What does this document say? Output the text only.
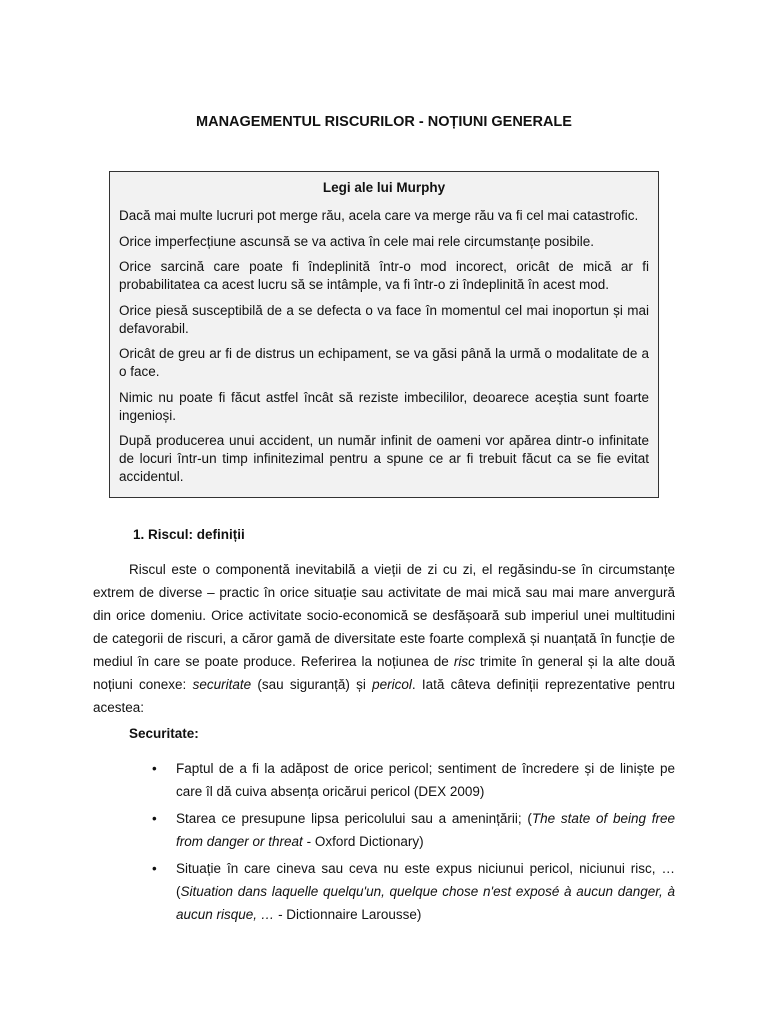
MANAGEMENTUL RISCURILOR - NOȚIUNI GENERALE

Legi ale lui Murphy

Dacă mai multe lucruri pot merge rău, acela care va merge rău va fi cel mai catastrofic.

Orice imperfecțiune ascunsă se va activa în cele mai rele circumstanțe posibile.

Orice sarcină care poate fi îndeplinită într-o mod incorect, oricât de mică ar fi probabilitatea ca acest lucru să se intâmple, va fi într-o zi îndeplinită în acest mod.

Orice piesă susceptibilă de a se defecta o va face în momentul cel mai inoportun și mai defavorabil.

Oricât de greu ar fi de distrus un echipament, se va găsi până la urmă o modalitate de a o face.

Nimic nu poate fi făcut astfel încât să reziste imbecililor, deoarece aceștia sunt foarte ingenioși.

După producerea unui accident, un număr infinit de oameni vor apărea dintr-o infinitate de locuri într-un timp infinitezimal pentru a spune ce ar fi trebuit făcut ca se fie evitat accidentul.

1. Riscul: definiții

Riscul este o componentă inevitabilă a vieții de zi cu zi, el regăsindu-se în circumstanțe extrem de diverse – practic în orice situație sau activitate de mai mică sau mai mare anvergură din orice domeniu. Orice activitate socio-economică se desfășoară sub imperiul unei multitudini de categorii de riscuri, a căror gamă de diversitate este foarte complexă și nuanțată în funcție de mediul în care se poate produce. Referirea la noțiunea de risc trimite în general și la alte două noțiuni conexe: securitate (sau siguranță) și pericol. Iată câteva definiții reprezentative pentru acestea:

Securitate:

• Faptul de a fi la adăpost de orice pericol; sentiment de încredere și de liniște pe care îl dă cuiva absența oricărui pericol (DEX 2009)
• Starea ce presupune lipsa pericolului sau a amenințării; (The state of being free from danger or threat - Oxford Dictionary)
• Situație în care cineva sau ceva nu este expus niciunui pericol, niciunui risc, … (Situation dans laquelle quelqu'un, quelque chose n'est exposé à aucun danger, à aucun risque, … - Dictionnaire Larousse)
